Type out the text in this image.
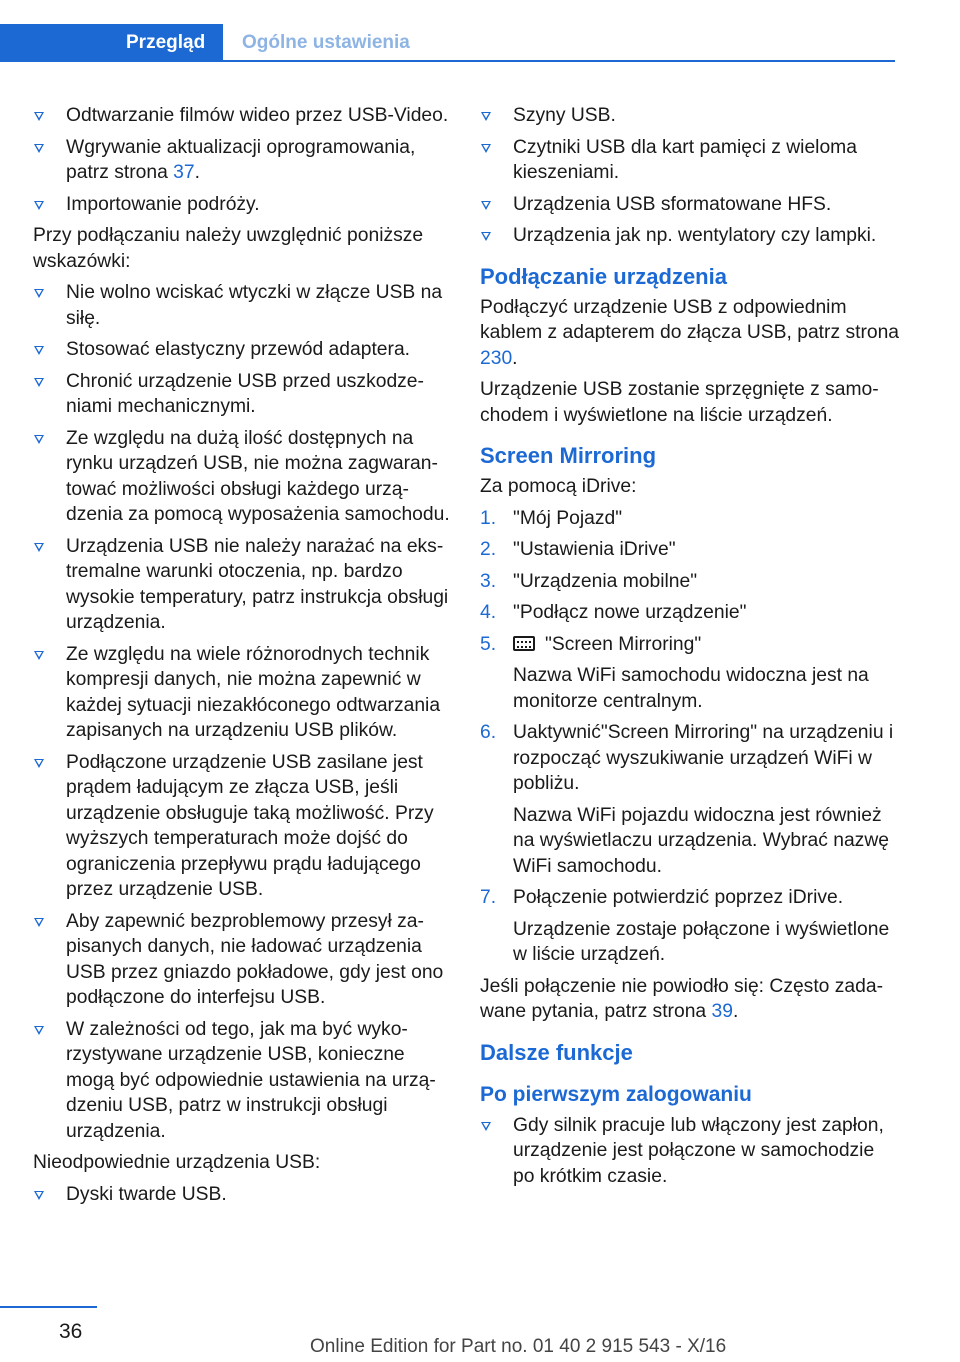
Przegląd	Ogólne ustawienia
Odtwarzanie filmów wideo przez USB-Video.
Wgrywanie aktualizacji oprogramowania, patrz strona 37.
Importowanie podróży.
Przy podłączaniu należy uwzględnić poniższe wskazówki:
Nie wolno wciskać wtyczki w złącze USB na siłę.
Stosować elastyczny przewód adaptera.
Chronić urządzenie USB przed uszkodzeniami mechanicznymi.
Ze względu na dużą ilość dostępnych na rynku urządzeń USB, nie można zagwarantować możliwości obsługi każdego urządzenia za pomocą wyposażenia samochodu.
Urządzenia USB nie należy narażać na ekstremalne warunki otoczenia, np. bardzo wysokie temperatury, patrz instrukcja obsługi urządzenia.
Ze względu na wiele różnorodnych technik kompresji danych, nie można zapewnić w każdej sytuacji niezakłóconego odtwarzania zapisanych na urządzeniu USB plików.
Podłączone urządzenie USB zasilane jest prądem ładującym ze złącza USB, jeśli urządzenie obsługuje taką możliwość. Przy wyższych temperaturach może dojść do ograniczenia przepływu prądu ładującego przez urządzenie USB.
Aby zapewnić bezproblemowy przesył zapisanych danych, nie ładować urządzenia USB przez gniazdo pokładowe, gdy jest ono podłączone do interfejsu USB.
W zależności od tego, jak ma być wykorzystywane urządzenie USB, konieczne mogą być odpowiednie ustawienia na urządzeniu USB, patrz w instrukcji obsługi urządzenia.
Nieodpowiednie urządzenia USB:
Dyski twarde USB.
Szyny USB.
Czytniki USB dla kart pamięci z wieloma kieszeniami.
Urządzenia USB sformatowane HFS.
Urządzenia jak np. wentylatory czy lampki.
Podłączanie urządzenia
Podłączyć urządzenie USB z odpowiednim kablem z adapterem do złącza USB, patrz strona 230.
Urządzenie USB zostanie sprzęgnięte z samochodem i wyświetlone na liście urządzeń.
Screen Mirroring
Za pomocą iDrive:
1. "Mój Pojazd"
2. "Ustawienia iDrive"
3. "Urządzenia mobilne"
4. "Podłącz nowe urządzenie"
5.	"Screen Mirroring"
Nazwa WiFi samochodu widoczna jest na monitorze centralnym.
6. Uaktywnić"Screen Mirroring" na urządzeniu i rozpocząć wyszukiwanie urządzeń WiFi w pobliżu.
Nazwa WiFi pojazdu widoczna jest również na wyświetlaczu urządzenia. Wybrać nazwę WiFi samochodu.
7. Połączenie potwierdzić poprzez iDrive.
Urządzenie zostaje połączone i wyświetlone w liście urządzeń.
Jeśli połączenie nie powiodło się: Często zadawane pytania, patrz strona 39.
Dalsze funkcje
Po pierwszym zalogowaniu
Gdy silnik pracuje lub włączony jest zapłon, urządzenie jest połączone w samochodzie po krótkim czasie.
36
Online Edition for Part no. 01 40 2 915 543 - X/16
